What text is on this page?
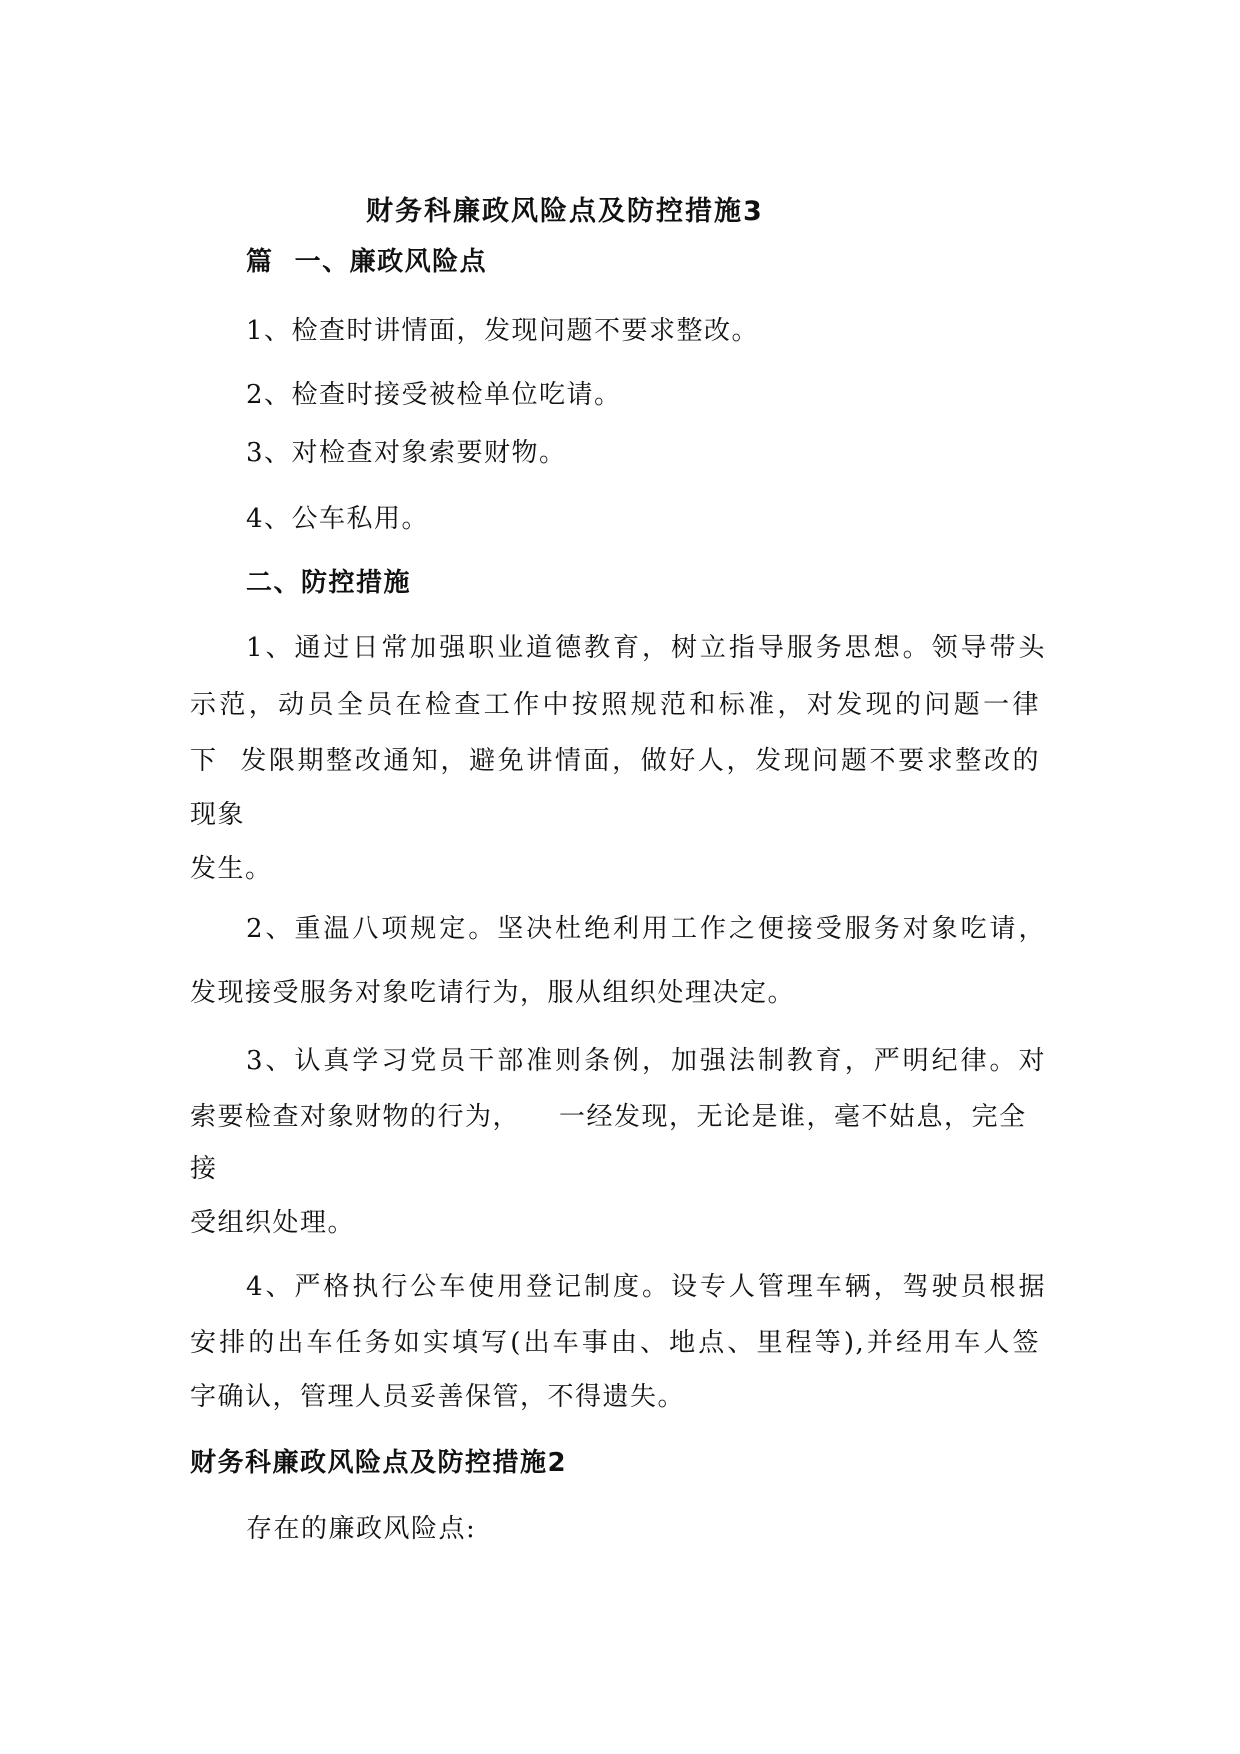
财务科廉政风险点及防控措施3
篇  一、廉政风险点
1、检查时讲情面，发现问题不要求整改。
2、检查时接受被检单位吃请。
3、对检查对象索要财物。
4、公车私用。
二、防控措施
1、通过日常加强职业道德教育，树立指导服务思想。领导带头
示范，动员全员在检查工作中按照规范和标准，对发现的问题一律
下  发限期整改通知，避免讲情面，做好人，发现问题不要求整改的
现象
发生。
2、重温八项规定。坚决杜绝利用工作之便接受服务对象吃请，
发现接受服务对象吃请行为，服从组织处理决定。
3、认真学习党员干部准则条例，加强法制教育，严明纪律。对
索要检查对象财物的行为，    一经发现，无论是谁，毫不姑息，完全
接
受组织处理。
4、严格执行公车使用登记制度。设专人管理车辆，驾驶员根据
安排的出车任务如实填写(出车事由、地点、里程等),并经用车人签
字确认，管理人员妥善保管，不得遗失。
财务科廉政风险点及防控措施2
存在的廉政风险点:
